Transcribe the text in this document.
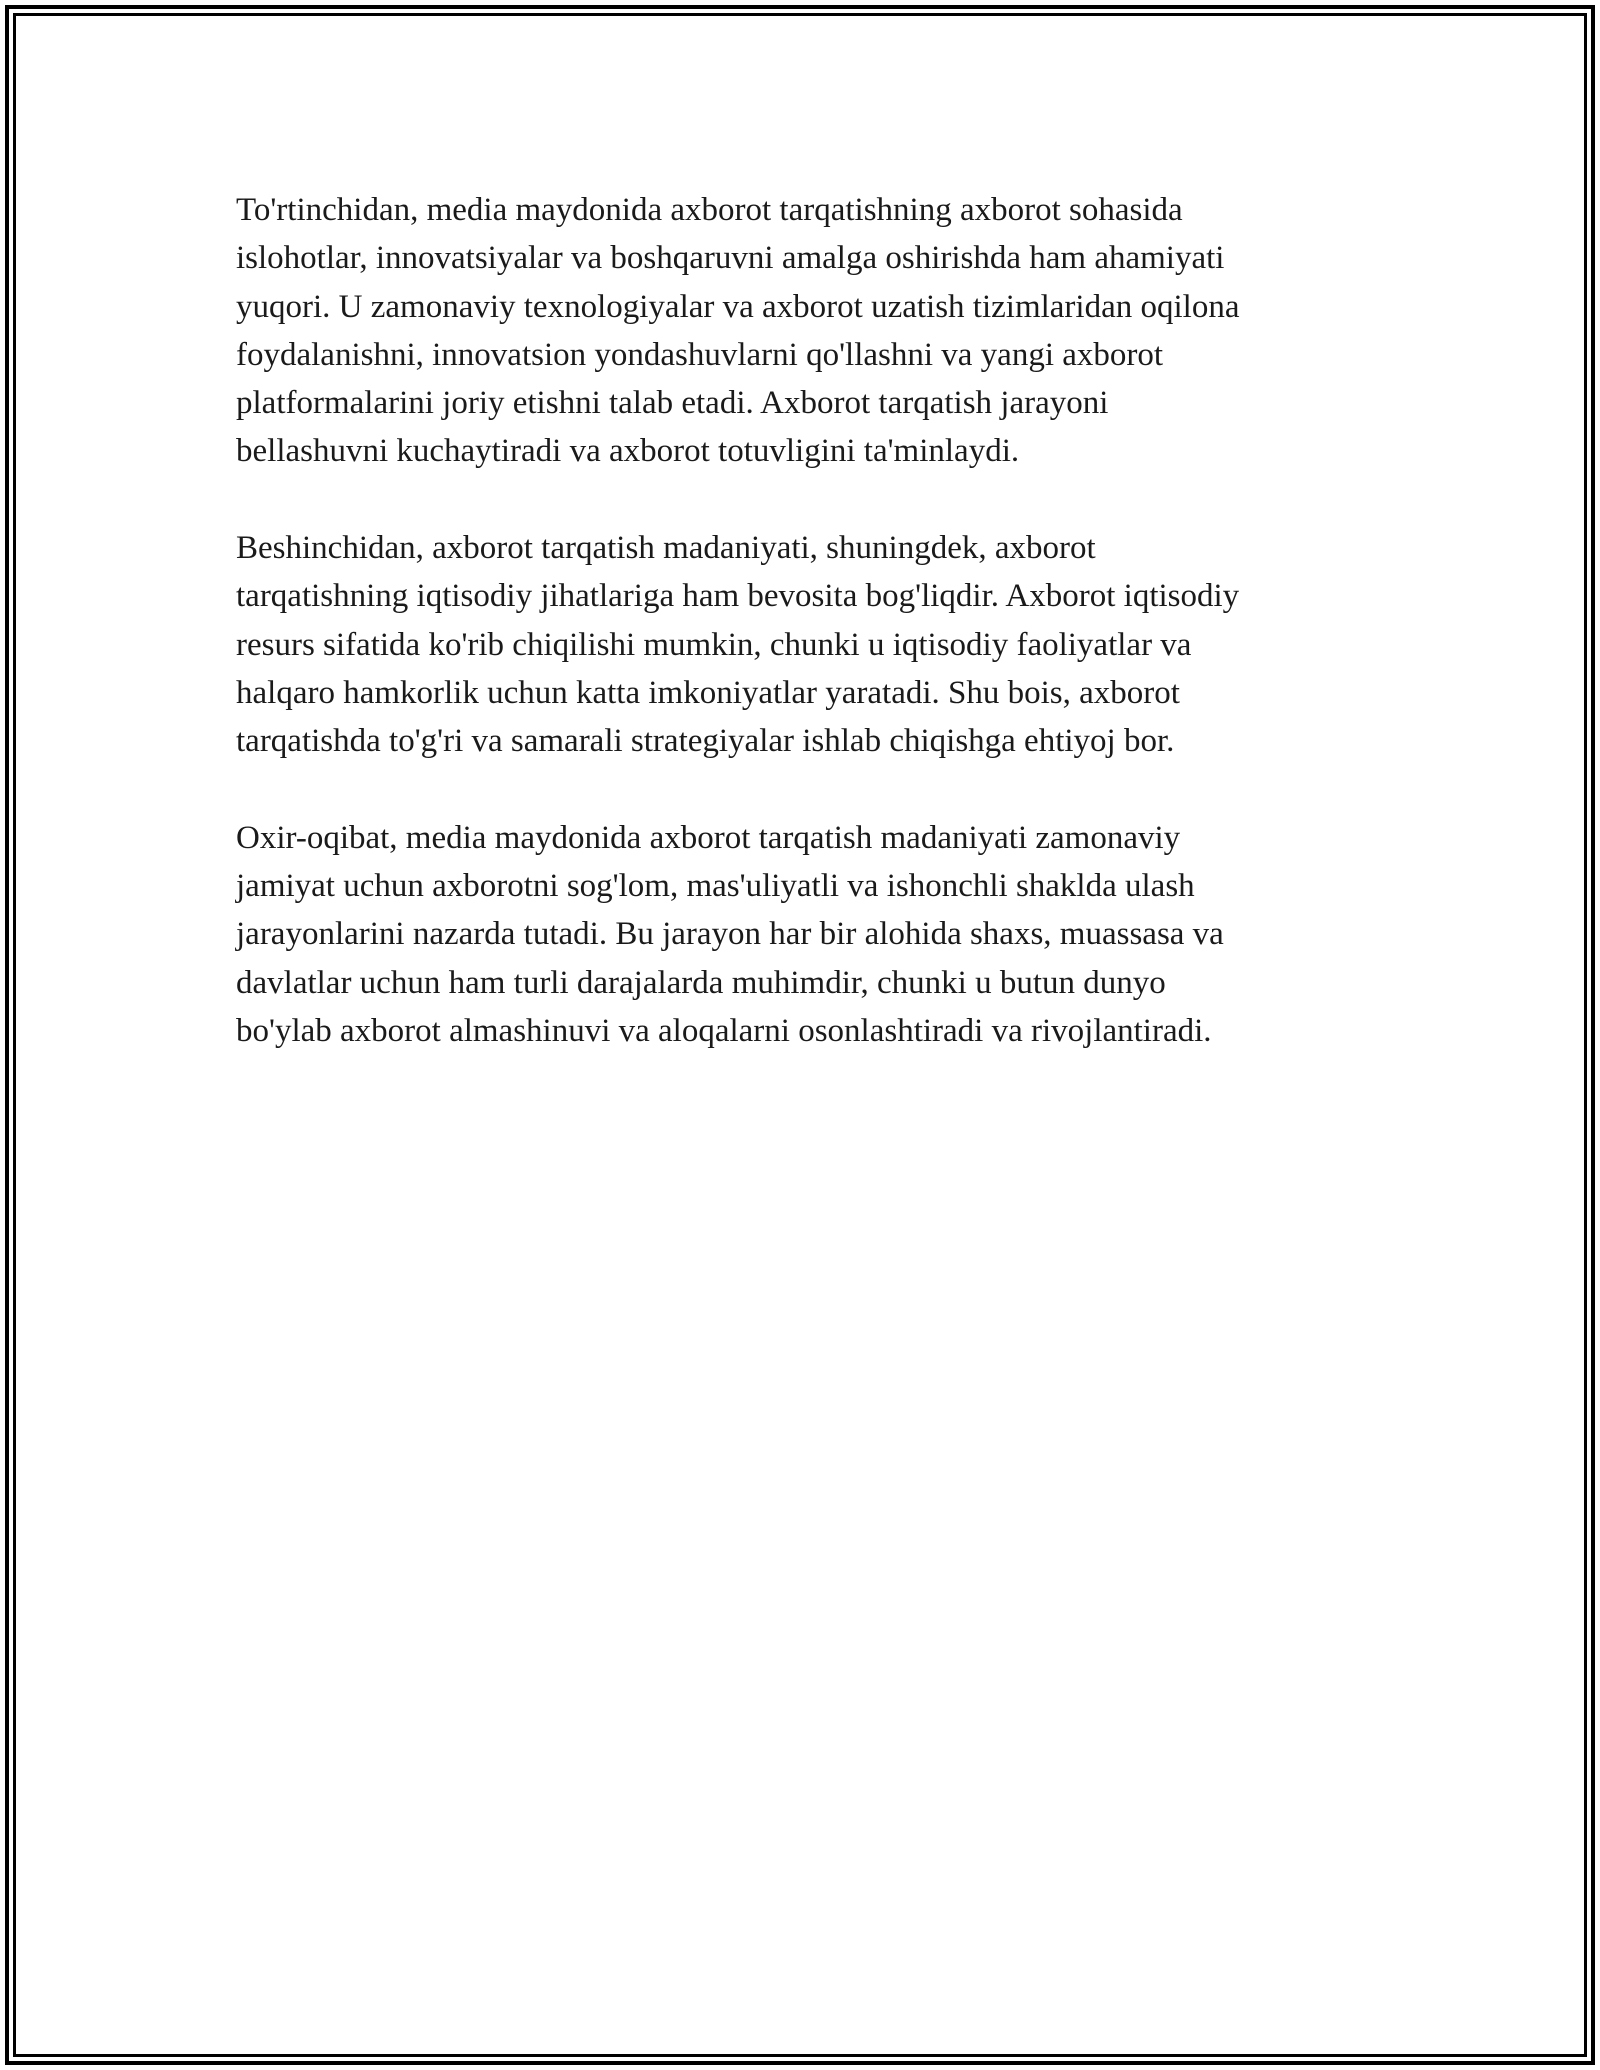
To'rtinchidan, media maydonida axborot tarqatishning axborot sohasida
islohotlar, innovatsiyalar va boshqaruvni amalga oshirishda ham ahamiyati
yuqori. U zamonaviy texnologiyalar va axborot uzatish tizimlaridan oqilona
foydalanishni, innovatsion yondashuvlarni qo'llashni va yangi axborot
platformalarini joriy etishni talab etadi. Axborot tarqatish jarayoni
bellashuvni kuchaytiradi va axborot totuvligini ta'minlaydi.

Beshinchidan, axborot tarqatish madaniyati, shuningdek, axborot
tarqatishning iqtisodiy jihatlariga ham bevosita bog'liqdir. Axborot iqtisodiy
resurs sifatida ko'rib chiqilishi mumkin, chunki u iqtisodiy faoliyatlar va
halqaro hamkorlik uchun katta imkoniyatlar yaratadi. Shu bois, axborot
tarqatishda to'g'ri va samarali strategiyalar ishlab chiqishga ehtiyoj bor.

Oxir-oqibat, media maydonida axborot tarqatish madaniyati zamonaviy
jamiyat uchun axborotni sog'lom, mas'uliyatli va ishonchli shaklda ulash
jarayonlarini nazarda tutadi. Bu jarayon har bir alohida shaxs, muassasa va
davlatlar uchun ham turli darajalarda muhimdir, chunki u butun dunyo
bo'ylab axborot almashinuvi va aloqalarni osonlashtiradi va rivojlantiradi.
